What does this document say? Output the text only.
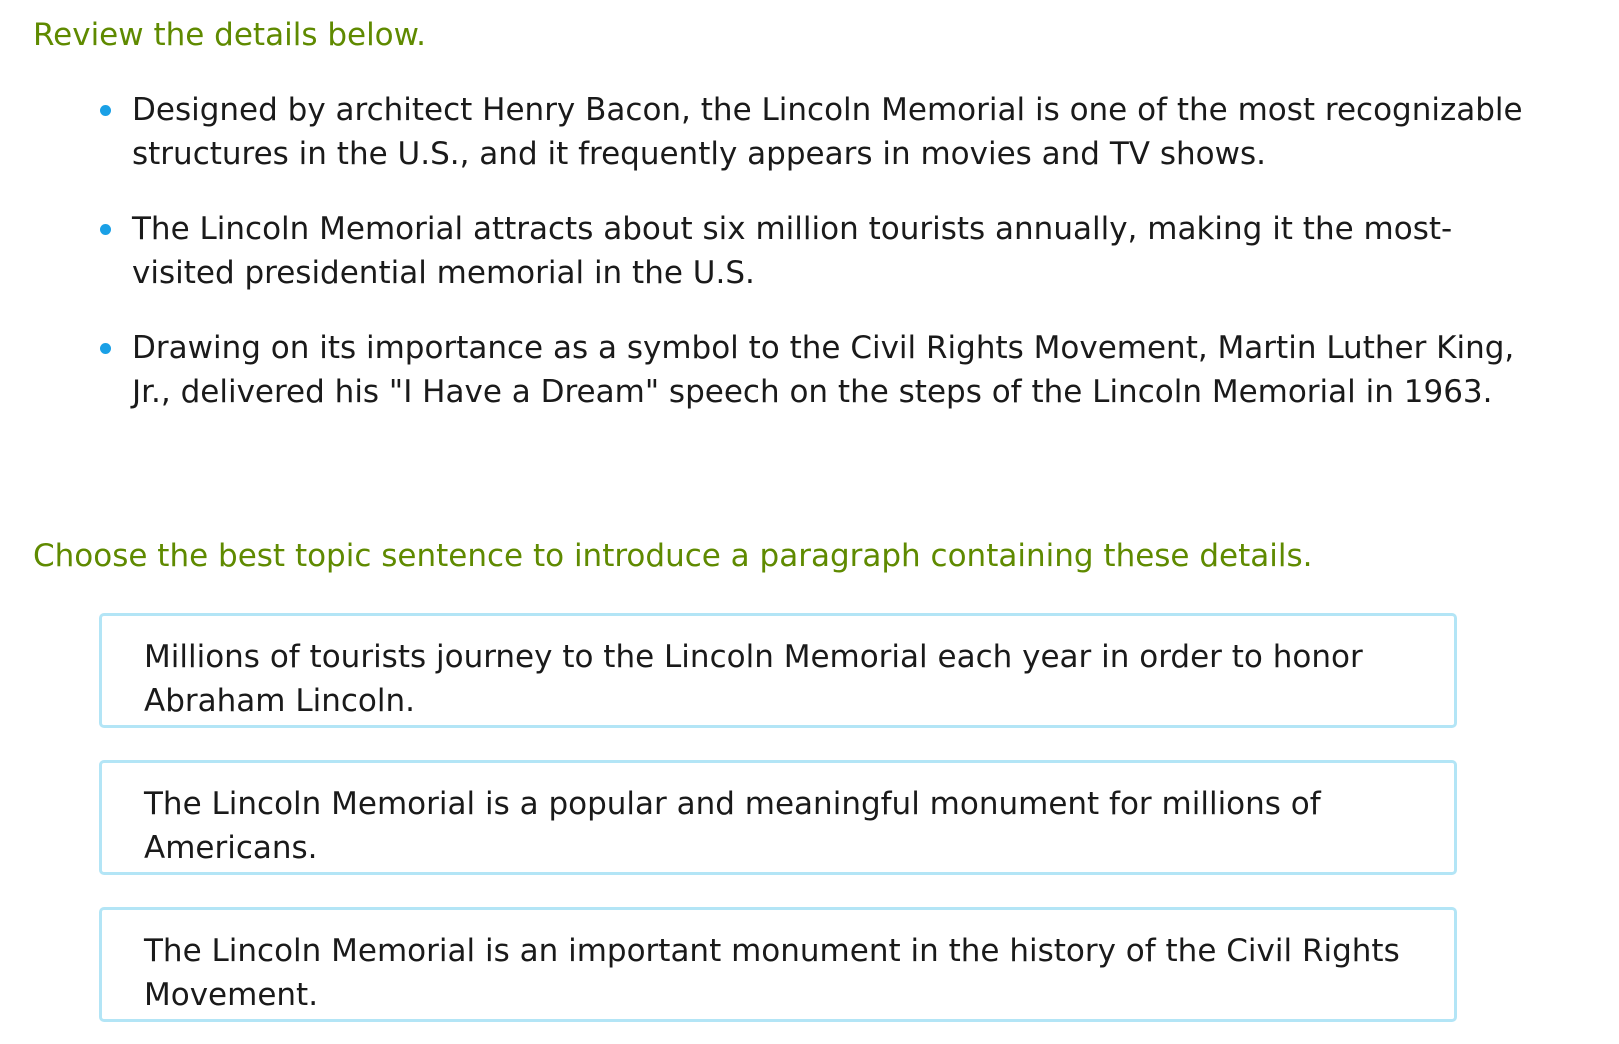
Review the details below.
Designed by architect Henry Bacon, the Lincoln Memorial is one of the most recognizable structures in the U.S., and it frequently appears in movies and TV shows.
The Lincoln Memorial attracts about six million tourists annually, making it the most-visited presidential memorial in the U.S.
Drawing on its importance as a symbol to the Civil Rights Movement, Martin Luther King, Jr., delivered his "I Have a Dream" speech on the steps of the Lincoln Memorial in 1963.
Choose the best topic sentence to introduce a paragraph containing these details.
Millions of tourists journey to the Lincoln Memorial each year in order to honor Abraham Lincoln.
The Lincoln Memorial is a popular and meaningful monument for millions of Americans.
The Lincoln Memorial is an important monument in the history of the Civil Rights Movement.
